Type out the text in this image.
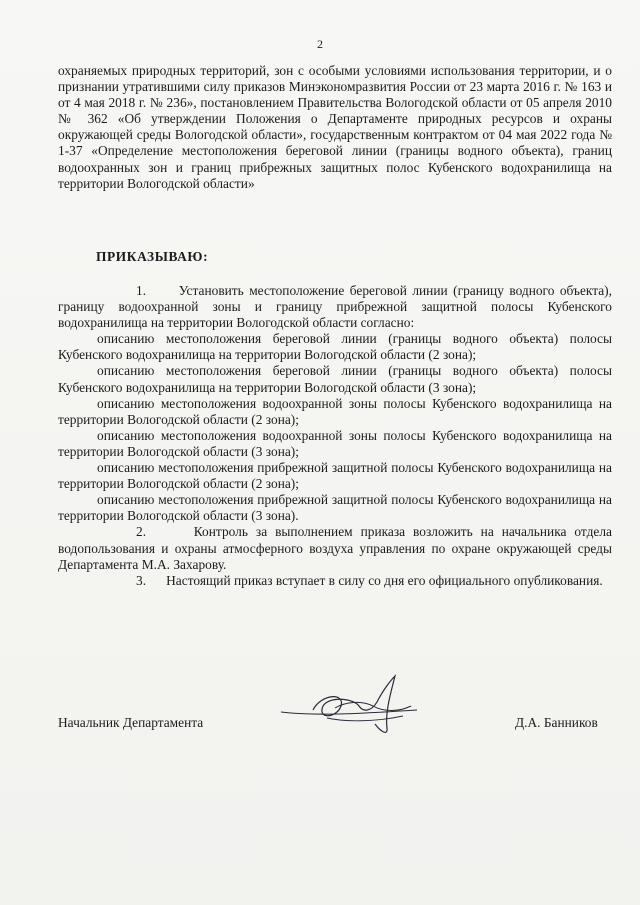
2

охраняемых природных территорий, зон с особыми условиями использования территории, и о признании утратившими силу приказов Минэкономразвития России от 23 марта 2016 г. № 163 и от 4 мая 2018 г. № 236», постановлением Правительства Вологодской области от 05 апреля 2010 № 362 «Об утверждении Положения о Департаменте природных ресурсов и охраны окружающей среды Вологодской области», государственным контрактом от 04 мая 2022 года № 1-37 «Определение местоположения береговой линии (границы водного объекта), границ водоохранных зон и границ прибрежных защитных полос Кубенского водохранилища на территории Вологодской области»

ПРИКАЗЫВАЮ:

1. Установить местоположение береговой линии (границу водного объекта), границу водоохранной зоны и границу прибрежной защитной полосы Кубенского водохранилища на территории Вологодской области согласно:

описанию местоположения береговой линии (границы водного объекта) полосы Кубенского водохранилища на территории Вологодской области (2 зона);

описанию местоположения береговой линии (границы водного объекта) полосы Кубенского водохранилища на территории Вологодской области (3 зона);

описанию местоположения водоохранной зоны полосы Кубенского водохранилища на территории Вологодской области (2 зона);

описанию местоположения водоохранной зоны полосы Кубенского водохранилища на территории Вологодской области (3 зона);

описанию местоположения прибрежной защитной полосы Кубенского водохранилища на территории Вологодской области (2 зона);

описанию местоположения прибрежной защитной полосы Кубенского водохранилища на территории Вологодской области (3 зона).

2.	Контроль за выполнением приказа возложить на начальника отдела водопользования и охраны атмосферного воздуха управления по охране окружающей среды Департамента М.А. Захарову.

3. Настоящий приказ вступает в силу со дня его официального опубликования.

Начальник Департамента	Д.А. Банников
